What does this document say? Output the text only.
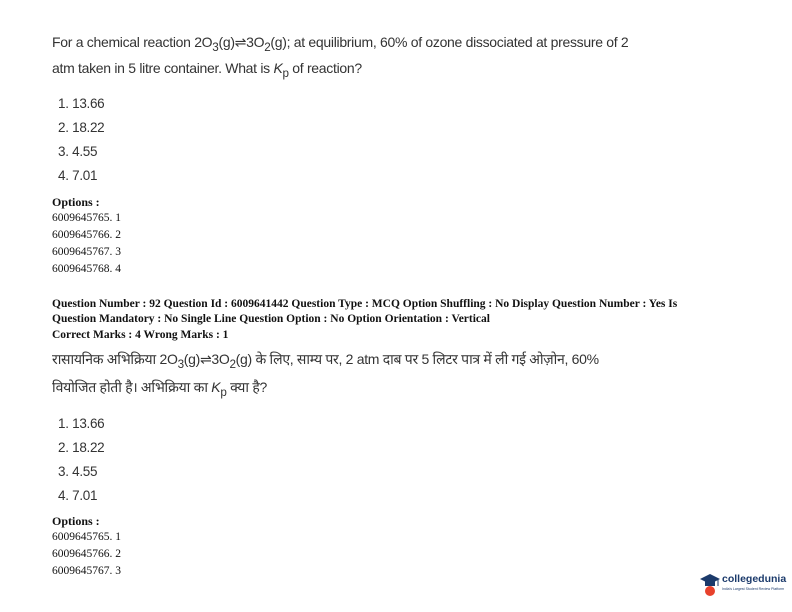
For a chemical reaction $2O_3(g)\rightleftharpoons 3O_2(g)$; at equilibrium, 60% of ozone dissociated at pressure of 2
atm taken in 5 litre container. What is $K_p$ of reaction?
1. 13.66
2. 18.22
3. 4.55
4. 7.01
Options :
6009645765. 1
6009645766. 2
6009645767. 3
6009645768. 4
Question Number : 92 Question Id : 6009641442 Question Type : MCQ Option Shuffling : No Display Question Number : Yes Is
Question Mandatory : No Single Line Question Option : No Option Orientation : Vertical
Correct Marks : 4 Wrong Marks : 1
रासायनिक अभिक्रिया $2O_3(g)\rightleftharpoons 3O_2(g)$ के लिए, साम्य पर, 2 atm दाब पर 5 लिटर पात्र में ली गई ओज़ोन, 60%
वियोजित होती है। अभिक्रिया का $K_p$ क्या है?
1. 13.66
2. 18.22
3. 4.55
4. 7.01
Options :
6009645765. 1
6009645766. 2
6009645767. 3
collegedunia
India's Largest Student Review Platform
